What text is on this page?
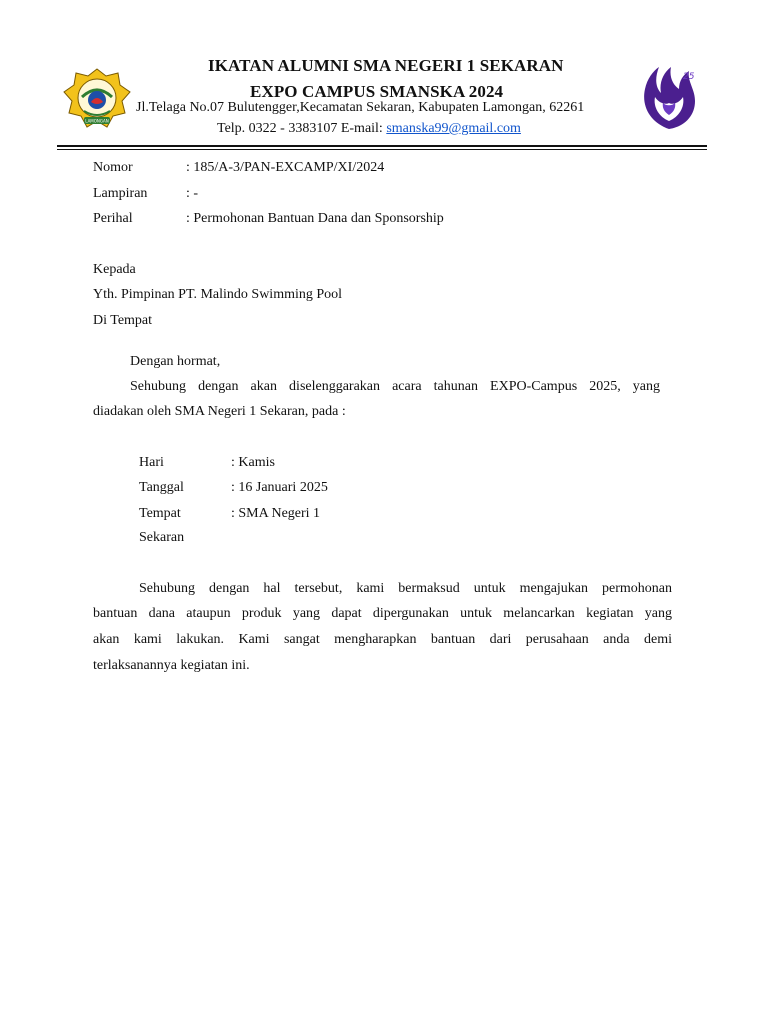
LAMONGAN
IKATAN ALUMNI SMA NEGERI 1 SEKARAN
EXPO CAMPUS SMANSKA 2024
Jl.Telaga No.07 Bulutengger,Kecamatan Sekaran, Kabupaten Lamongan, 62261
Telp. 0322 - 3383107 E-mail: smanska99@gmail.com
25
Nomor	: 185/A-3/PAN-EXCAMP/XI/2024
Lampiran	: -
Perihal	: Permohonan Bantuan Dana dan Sponsorship
Kepada
Yth. Pimpinan PT. Malindo Swimming Pool
Di Tempat
Dengan hormat,
Sehubung dengan akan diselenggarakan acara tahunan EXPO-Campus 2025, yang
diadakan oleh SMA Negeri 1 Sekaran, pada :
Hari	: Kamis
Tanggal	: 16 Januari 2025
Tempat	: SMA Negeri 1
Sekaran
Sehubung dengan hal tersebut, kami bermaksud untuk mengajukan permohonan
bantuan dana ataupun produk yang dapat dipergunakan untuk melancarkan kegiatan yang
akan kami lakukan. Kami sangat mengharapkan bantuan dari perusahaan anda demi
terlaksanannya kegiatan ini.
